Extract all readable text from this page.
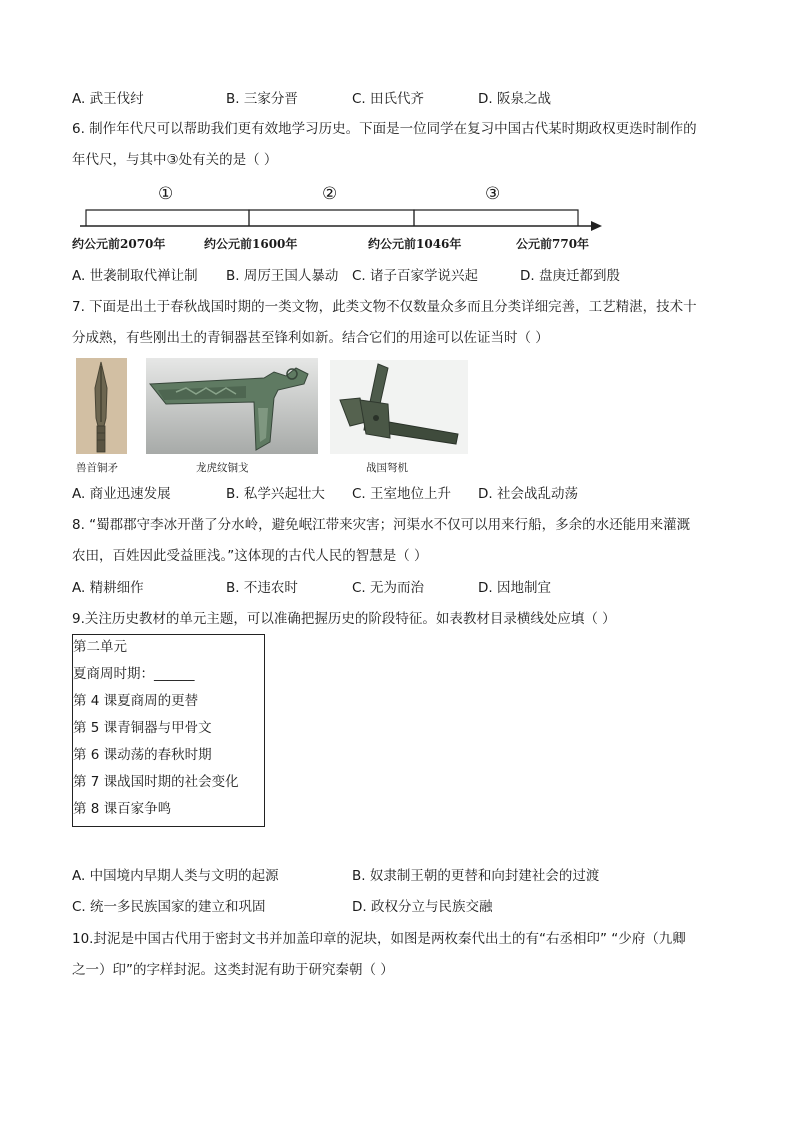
A. 武王伐纣	B. 三家分晋	C. 田氏代齐	D. 阪泉之战
6. 制作年代尺可以帮助我们更有效地学习历史。下面是一位同学在复习中国古代某时期政权更迭时制作的
年代尺，与其中③处有关的是（ ）
①	②	③
约公元前2070年	约公元前1600年	约公元前1046年	公元前770年
A. 世袭制取代禅让制 B. 周厉王国人暴动 C. 诸子百家学说兴起	D. 盘庚迁都到殷
7. 下面是出土于春秋战国时期的一类文物，此类文物不仅数量众多而且分类详细完善，工艺精湛，技术十
分成熟，有些刚出土的青铜器甚至锋利如新。结合它们的用途可以佐证当时（ ）
兽首铜矛	龙虎纹铜戈	战国弩机
A. 商业迅速发展	B. 私学兴起壮大 C. 王室地位上升 D. 社会战乱动荡
8. “蜀郡郡守李冰开凿了分水岭，避免岷江带来灾害；河渠水不仅可以用来行船，多余的水还能用来灌溉
农田，百姓因此受益匪浅。”这体现的古代人民的智慧是（ ）
A. 精耕细作	B. 不违农时	C. 无为而治	D. 因地制宜
9.关注历史教材的单元主题，可以准确把握历史的阶段特征。如表教材目录横线处应填（ ）
第二单元
夏商周时期：______
第 4 课夏商周的更替
第 5 课青铜器与甲骨文
第 6 课动荡的春秋时期
第 7 课战国时期的社会变化
第 8 课百家争鸣
A. 中国境内早期人类与文明的起源	B. 奴隶制王朝的更替和向封建社会的过渡
C. 统一多民族国家的建立和巩固	D. 政权分立与民族交融
10.封泥是中国古代用于密封文书并加盖印章的泥块，如图是两枚秦代出土的有“右丞相印” “少府（九卿
之一）印”的字样封泥。这类封泥有助于研究秦朝（ ）
